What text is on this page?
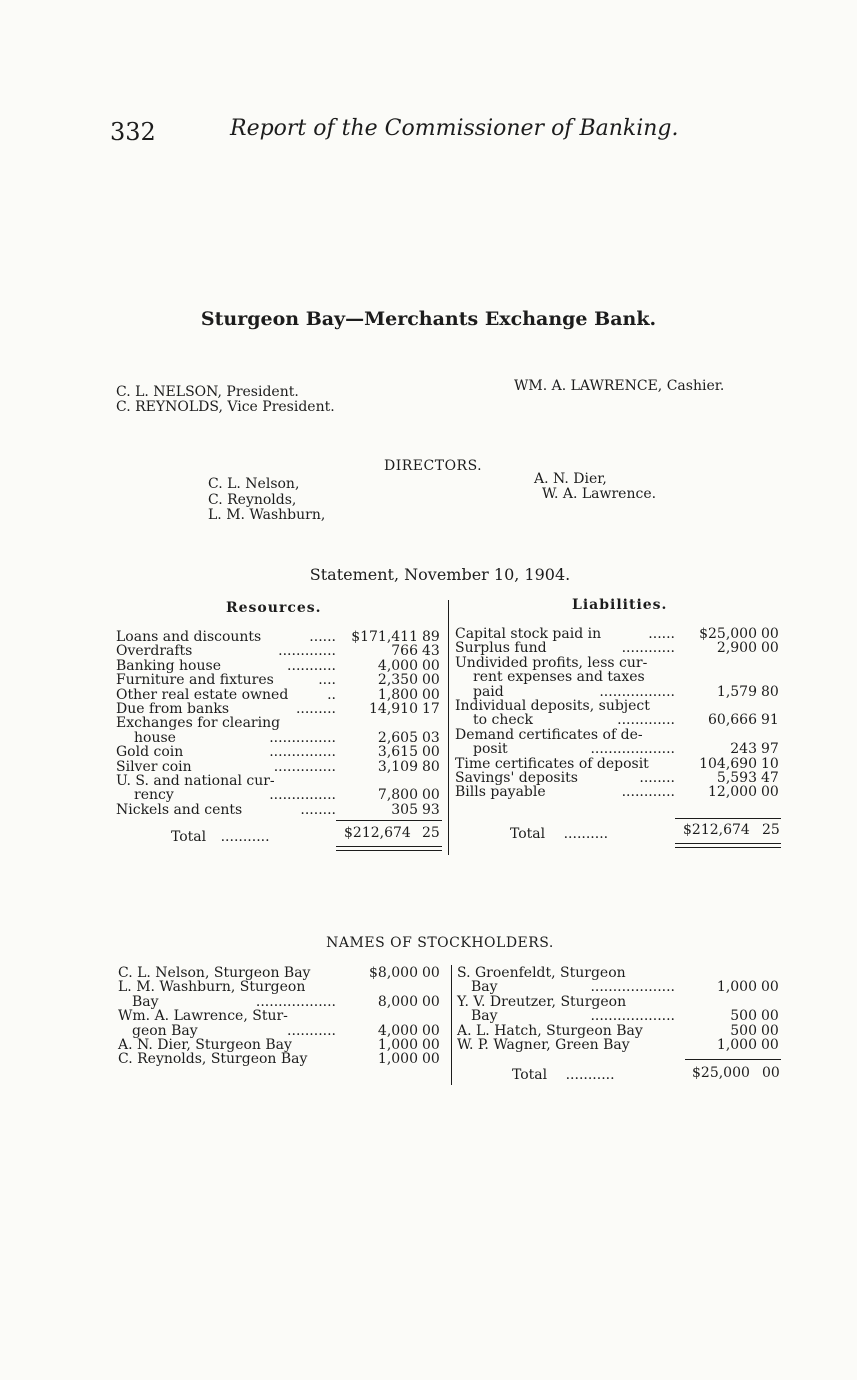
332	Report of the Commissioner of Banking.
Sturgeon Bay—Merchants Exchange Bank.
C. L. NELSON, President.
C. REYNOLDS, Vice President.
WM. A. LAWRENCE, Cashier.
DIRECTORS.
C. L. Nelson,
C. Reynolds,
L. M. Washburn,
A. N. Dier,
W. A. Lawrence.
Statement, November 10, 1904.
Resources.	Liabilities.
Loans and discounts	......	$171,411 89
Overdrafts	.............	766 43
Banking house	...........	4,000 00
Furniture and fixtures	....	2,350 00
Other real estate owned	..	1,800 00
Due from banks	.........	14,910 17
Exchanges for clearing
house	...............	2,605 03
Gold coin	...............	3,615 00
Silver coin	..............	3,109 80
U. S. and national cur-
rency	...............	7,800 00
Nickels and cents	........	305 93
Capital stock paid in	......	$25,000 00
Surplus fund	............	2,900 00
Undivided profits, less cur-
rent expenses and taxes
paid	.................	1,579 80
Individual deposits, subject
to check	.............	60,666 91
Demand certificates of de-
posit	...................	243 97
Time certificates of deposit	104,690 10
Savings' deposits	........	5,593 47
Bills payable	............	12,000 00
Total ...........	$212,674 25	Total ..........	$212,674 25
NAMES OF STOCKHOLDERS.
C. L. Nelson, Sturgeon Bay	$8,000 00
L. M. Washburn, Sturgeon
Bay	..................	8,000 00
Wm. A. Lawrence, Stur-
geon Bay	...........	4,000 00
A. N. Dier, Sturgeon Bay	1,000 00
C. Reynolds, Sturgeon Bay	1,000 00
S. Groenfeldt, Sturgeon
Bay	...................	1,000 00
Y. V. Dreutzer, Sturgeon
Bay	...................	500 00
A. L. Hatch, Sturgeon Bay	500 00
W. P. Wagner, Green Bay	1,000 00
Total ...........	$25,000 00
